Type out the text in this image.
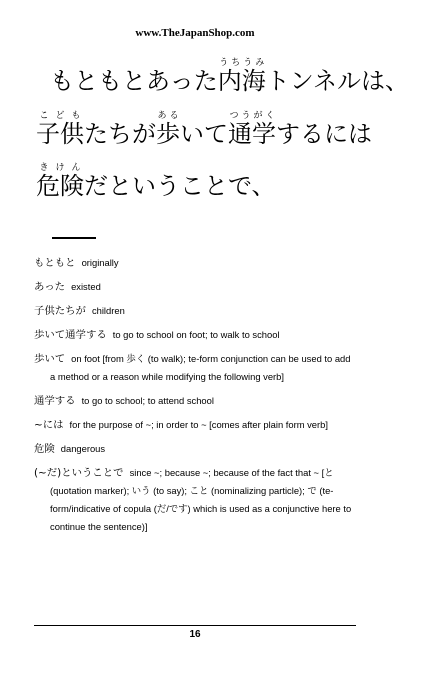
www.TheJapanShop.com
もともとあった内海うちうみトンネルは、
子供こどもたちが歩あるいて通学つうがくするには
危険きけんだということで、
もともと originally
あった existed
子供たちが children
歩いて通学する to go to school on foot; to walk to school
歩いて on foot [from 歩く (to walk); te-form conjunction can be used to add a method or a reason while modifying the following verb]
通学する to go to school; to attend school
~には for the purpose of ~; in order to ~ [comes after plain form verb]
危険 dangerous
(~だ)ということで since ~; because ~; because of the fact that ~ [と(quotation marker); いう (to say); こと (nominalizing particle); で (te-form/indicative of copula (だ/です) which is used as a conjunctive here to continue the sentence)]
16
